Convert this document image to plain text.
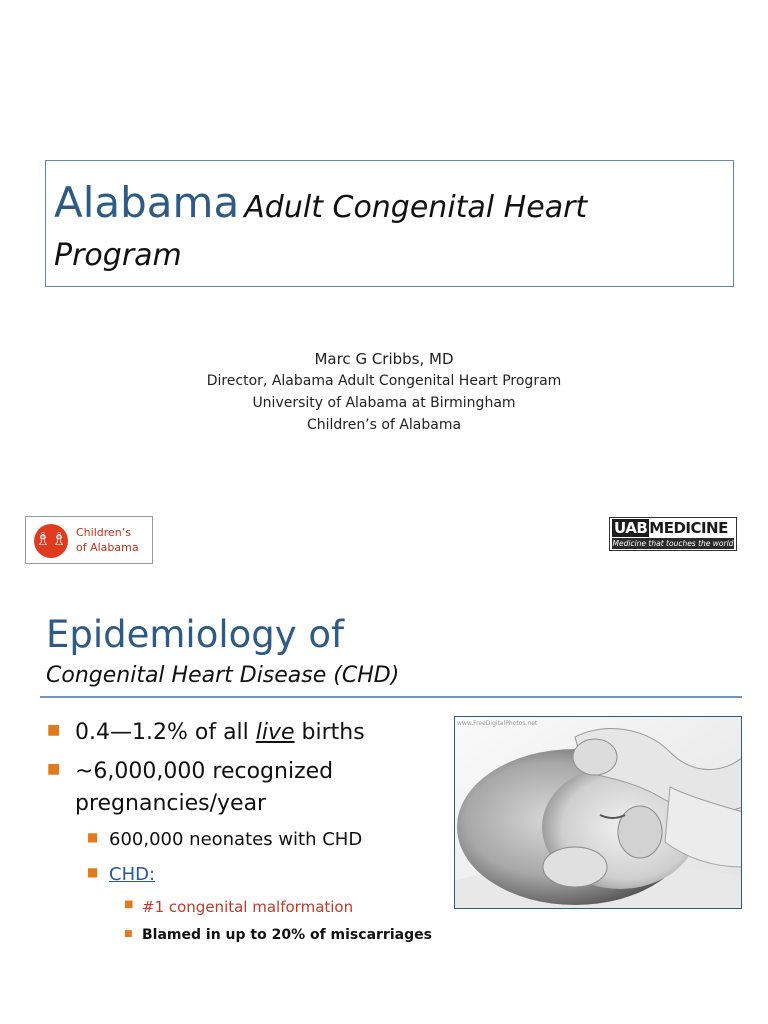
Alabama Adult Congenital Heart
Program
Marc G Cribbs, MD
Director, Alabama Adult Congenital Heart Program
University of Alabama at Birmingham
Children’s of Alabama
♗♗ Children’s
of Alabama
UAB MEDICINE
Medicine that touches the world
Epidemiology of
Congenital Heart Disease (CHD)
■ 0.4—1.2% of all live births
■ ~6,000,000 recognized
pregnancies/year
■ 600,000 neonates with CHD
■ CHD:
■ #1 congenital malformation
■ Blamed in up to 20% of miscarriages
www.FreeDigitalPhotos.net
